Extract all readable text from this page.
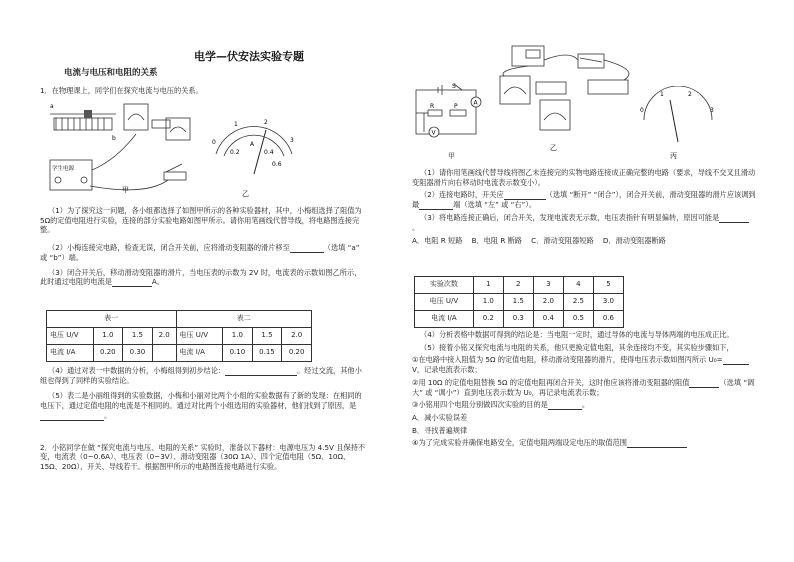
电学—伏安法实验专题
电流与电压和电阻的关系

1．在物理课上，同学们在探究电流与电压的关系。

a
b
学生电源
甲
0
1	2
3
0.2
A
0.4
0.6
乙

（1）为了探究这一问题，各小组都选择了如图甲所示的各种实验器材，其中，小梅组选择了阻值为 5Ω的定值电阻进行实验，连接的部分实验电路如图甲所示。请你用笔画线代替导线，将电路图连接完整。

（2）小梅连接完电路，检查无误，闭合开关前，应将滑动变阻器的滑片移至	（选填 “a” 或 “b”）端。

（3）闭合开关后，移动滑动变阻器的滑片，当电压表的示数为 2V 时，电流表的示数如图乙所示，此时通过电阻的电流是	A。

表一				表二			
电压 U/V	1.0	1.5	2.0	电压 U/V	1.0	1.5	2.0
电流 I/A	0.20	0.30		电流 I/A	0.10	0.15	0.20

（4）通过对表一中数据的分析，小梅组得到初步结论：	。经过交流，其他小组也得到了同样的实验结论。

（5）表二是小丽组得到的实验数据，小梅和小丽对比两个小组的实验数据有了新的发现：在相同的电压下，通过定值电阻的电流是不相同的。通过对比两个小组选用的实验器材，他们找到了原因，是。

2．小铭同学在做 “探究电流与电压、电阻的关系” 实验时，准备以下器材：电源电压为 4.5V 且保持不变，电流表（0~0.6A）、电压表（0~3V）、滑动变阻器（30Ω 1A）、四个定值电阻（5Ω、10Ω、15Ω、20Ω）、开关、导线若干。根据图甲所示的电路图连接电路进行实验。

S
A
R	P
V
乙
0
1	2
3
丙
甲

（1）请你用笔画线代替导线将图乙未连接完的实物电路连接成正确完整的电路（要求，导线不交叉且滑动变阻器滑片向右移动时电流表示数变小）。

（2）连接电路时，开关应	（选填 “断开” “闭合”），闭合开关前，滑动变阻器的滑片应该调到最	端（选填 “左” 或 “右”）。

（3）将电路连接正确后，闭合开关，发现电流表无示数，电压表指针有明显偏转，原因可能是。

A．电阻 R 短路 B．电阻 R 断路 C．滑动变阻器短路 D．滑动变阻器断路

实验次数	1	2	3	4	5
电压 U/V	1.0	1.5	2.0	2.5	3.0
电流 I/A	0.2	0.3	0.4	0.5	0.6

（4）分析表格中数据可得到的结论是：当电阻一定时，通过导体的电流与导体两端的电压成正比。

（5）接着小铭又探究电流与电阻的关系，他只更换定值电阻，其余连接均不变，其实验步骤如下，

①在电路中接入阻值为 5Ω 的定值电阻，移动滑动变阻器的滑片，使得电压表示数如图丙所示 U₀=V，记录电流表示数；

②用 10Ω 的定值电阻替换 5Ω 的定值电阻再闭合开关，这时他应该将滑动变阻器的阻值	（选填 “调大” 或 “调小”）直到电压表示数为 U₀，再记录电流表示数；

③小铭用四个电阻分别做四次实验的目的是	。

A．减小实验误差

B．寻找普遍规律

④为了完成实验并确保电路安全，定值电阻两端设定电压的取值范围
